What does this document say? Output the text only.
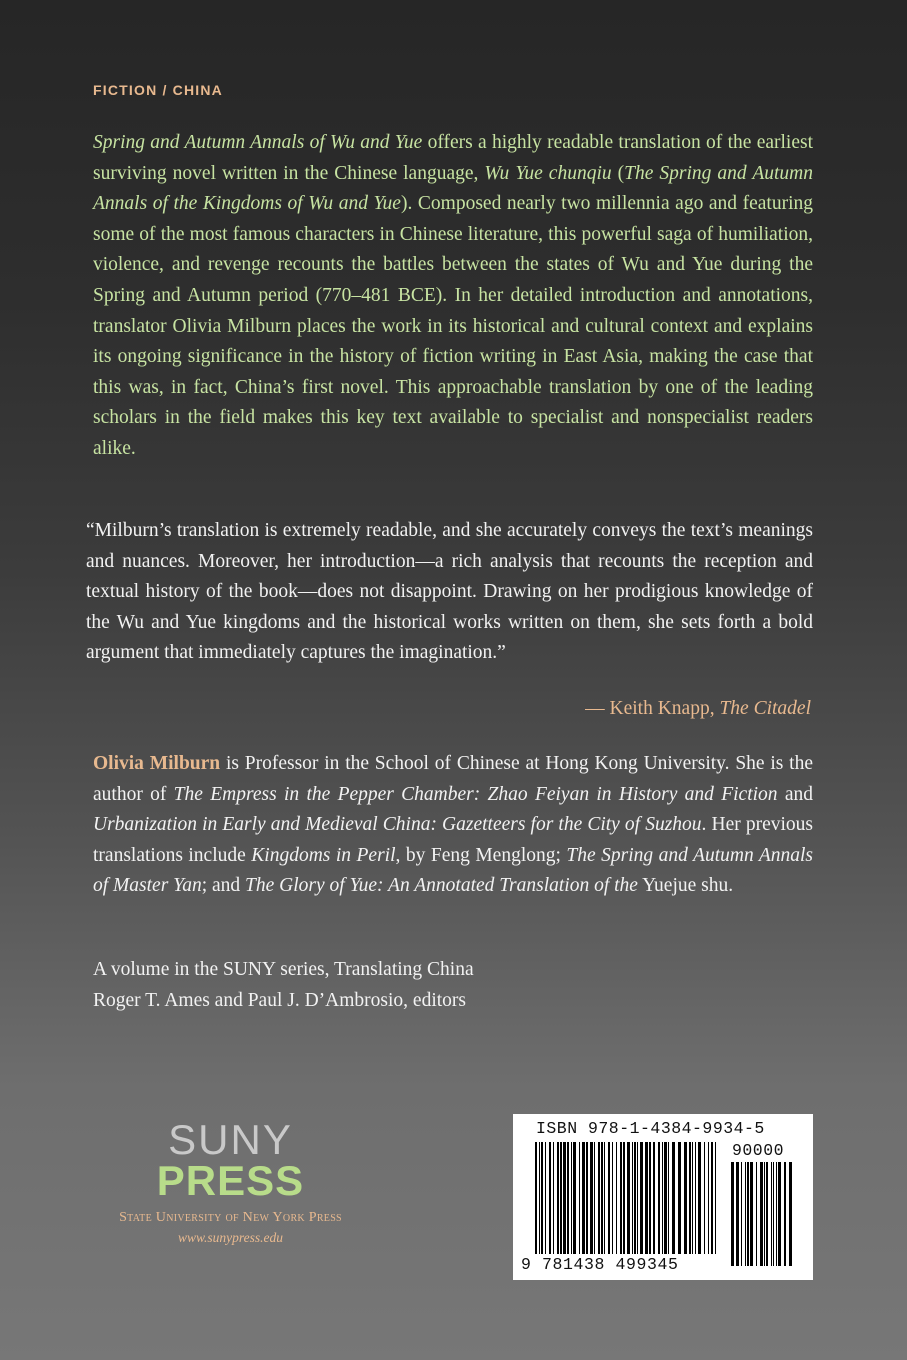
FICTION / CHINA

Spring and Autumn Annals of Wu and Yue offers a highly readable translation of the earliest surviving novel written in the Chinese language, Wu Yue chunqiu (The Spring and Autumn Annals of the Kingdoms of Wu and Yue). Composed nearly two millennia ago and featuring some of the most famous characters in Chinese literature, this powerful saga of humiliation, violence, and revenge recounts the battles between the states of Wu and Yue during the Spring and Autumn period (770–481 BCE). In her detailed introduction and annotations, translator Olivia Milburn places the work in its historical and cultural context and explains its ongoing significance in the history of fiction writing in East Asia, making the case that this was, in fact, China’s first novel. This approachable translation by one of the leading scholars in the field makes this key text available to specialist and nonspecialist readers alike.

“Milburn’s translation is extremely readable, and she accurately conveys the text’s meanings and nuances. Moreover, her introduction—a rich analysis that recounts the reception and textual history of the book—does not disappoint. Drawing on her prodigious knowledge of the Wu and Yue kingdoms and the historical works written on them, she sets forth a bold argument that immediately captures the imagination.”

— Keith Knapp, The Citadel

Olivia Milburn is Professor in the School of Chinese at Hong Kong University. She is the author of The Empress in the Pepper Chamber: Zhao Feiyan in History and Fiction and Urbanization in Early and Medieval China: Gazetteers for the City of Suzhou. Her previous translations include Kingdoms in Peril, by Feng Menglong; The Spring and Autumn Annals of Master Yan; and The Glory of Yue: An Annotated Translation of the Yuejue shu.

A volume in the SUNY series, Translating China
Roger T. Ames and Paul J. D’Ambrosio, editors

SUNY
PRESS
State University of New York Press
www.sunypress.edu
ISBN 978-1-4384-9934-5
90000
9 781438 499345
